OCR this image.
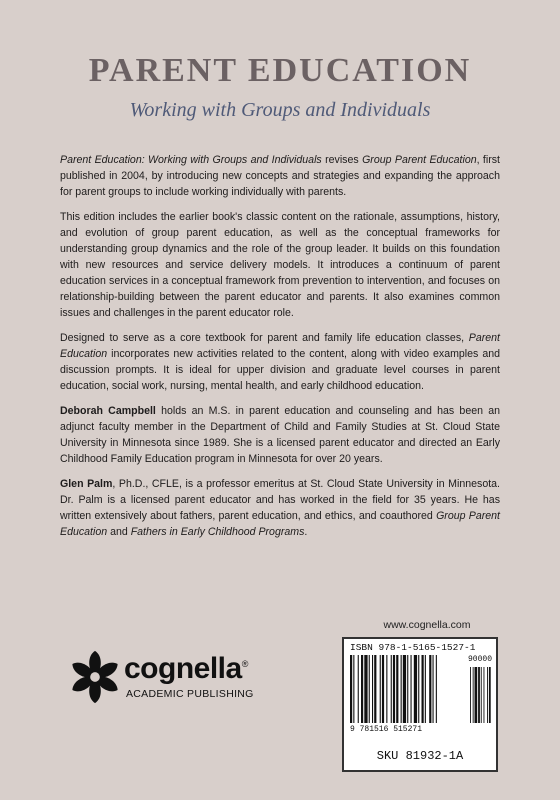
PARENT EDUCATION
Working with Groups and Individuals

Parent Education: Working with Groups and Individuals revises Group Parent Education, first published in 2004, by introducing new concepts and strategies and expanding the approach for parent groups to include working individually with parents.

This edition includes the earlier book's classic content on the rationale, assumptions, history, and evolution of group parent education, as well as the conceptual frameworks for understanding group dynamics and the role of the group leader. It builds on this foundation with new resources and service delivery models. It introduces a continuum of parent education services in a conceptual framework from prevention to intervention, and focuses on relationship-building between the parent educator and parents. It also examines common issues and challenges in the parent educator role.

Designed to serve as a core textbook for parent and family life education classes, Parent Education incorporates new activities related to the content, along with video examples and discussion prompts. It is ideal for upper division and graduate level courses in parent education, social work, nursing, mental health, and early childhood education.

Deborah Campbell holds an M.S. in parent education and counseling and has been an adjunct faculty member in the Department of Child and Family Studies at St. Cloud State University in Minnesota since 1989. She is a licensed parent educator and directed an Early Childhood Family Education program in Minnesota for over 20 years.

Glen Palm, Ph.D., CFLE, is a professor emeritus at St. Cloud State University in Minnesota. Dr. Palm is a licensed parent educator and has worked in the field for 35 years. He has written extensively about fathers, parent education, and ethics, and coauthored Group Parent Education and Fathers in Early Childhood Programs.

www.cognella.com
cognella®
ACADEMIC PUBLISHING
ISBN 978-1-5165-1527-1
90000
9 781516 515271
SKU 81932-1A
